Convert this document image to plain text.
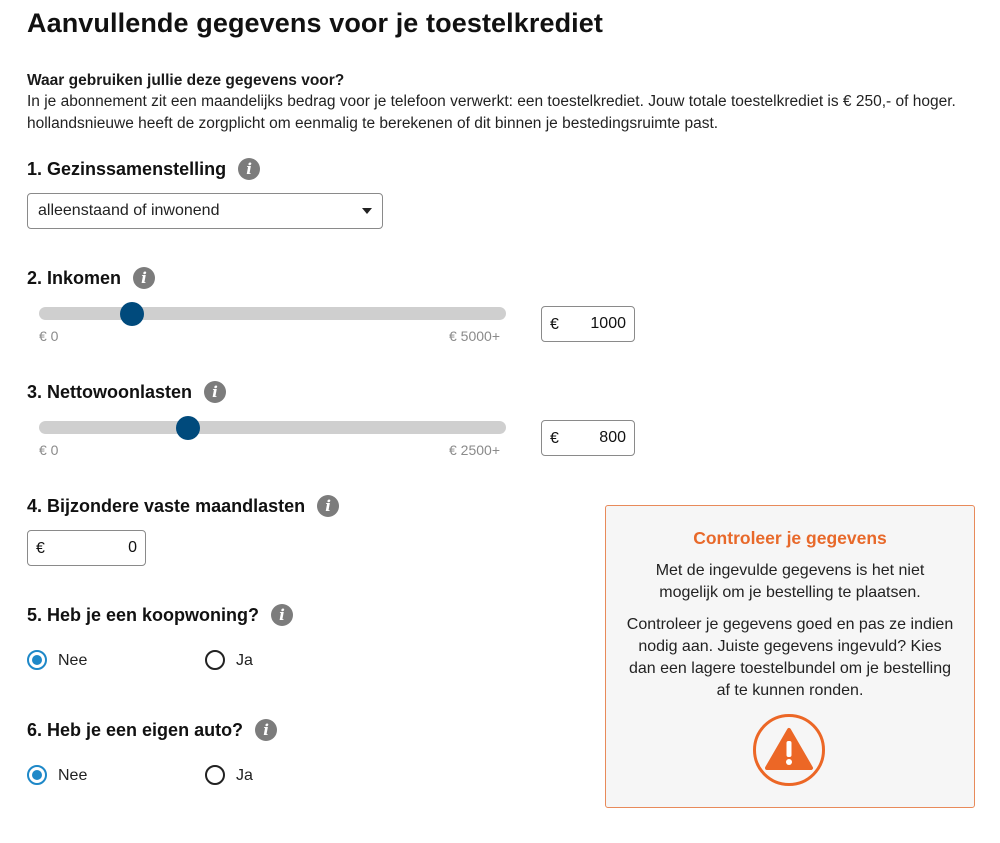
Aanvullende gegevens voor je toestelkrediet
Waar gebruiken jullie deze gegevens voor?
In je abonnement zit een maandelijks bedrag voor je telefoon verwerkt: een toestelkrediet. Jouw totale toestelkrediet is € 250,- of hoger. hollandsnieuwe heeft de zorgplicht om eenmalig te berekenen of dit binnen je bestedingsruimte past.
1. Gezinssamenstelling	i
alleenstaand of inwonend
2. Inkomen	i
€ 0	€ 5000+
€ 1000
3. Nettowoonlasten	i
€ 0	€ 2500+
€	800
4. Bijzondere vaste maandlasten	i
€	0
5. Heb je een koopwoning?	i
Nee	Ja
6. Heb je een eigen auto?	i
Nee	Ja
Controleer je gegevens
Met de ingevulde gegevens is het niet mogelijk om je bestelling te plaatsen.
Controleer je gegevens goed en pas ze indien nodig aan. Juiste gegevens ingevuld? Kies dan een lagere toestelbundel om je bestelling af te kunnen ronden.
